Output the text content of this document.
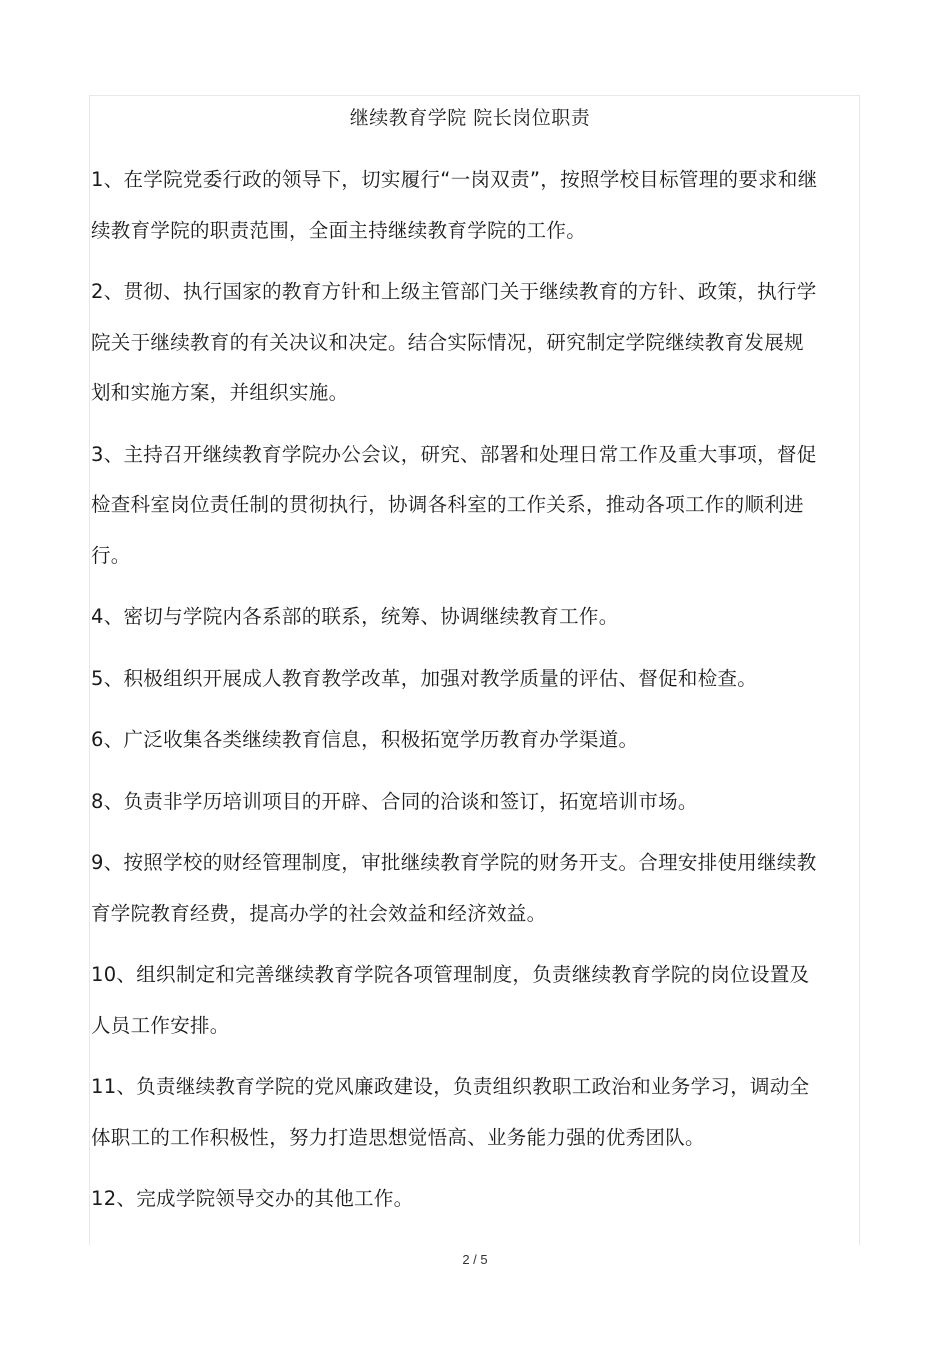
继续教育学院 院长岗位职责

1、在学院党委行政的领导下，切实履行“一岗双责”，按照学校目标管理的要求和继续教育学院的职责范围，全面主持继续教育学院的工作。

2、贯彻、执行国家的教育方针和上级主管部门关于继续教育的方针、政策，执行学院关于继续教育的有关决议和决定。结合实际情况，研究制定学院继续教育发展规划和实施方案，并组织实施。

3、主持召开继续教育学院办公会议，研究、部署和处理日常工作及重大事项，督促检查科室岗位责任制的贯彻执行，协调各科室的工作关系，推动各项工作的顺利进行。

4、密切与学院内各系部的联系，统筹、协调继续教育工作。

5、积极组织开展成人教育教学改革，加强对教学质量的评估、督促和检查。

6、广泛收集各类继续教育信息，积极拓宽学历教育办学渠道。

8、负责非学历培训项目的开辟、合同的洽谈和签订，拓宽培训市场。

9、按照学校的财经管理制度，审批继续教育学院的财务开支。合理安排使用继续教育学院教育经费，提高办学的社会效益和经济效益。

10、组织制定和完善继续教育学院各项管理制度，负责继续教育学院的岗位设置及人员工作安排。

11、负责继续教育学院的党风廉政建设，负责组织教职工政治和业务学习，调动全体职工的工作积极性，努力打造思想觉悟高、业务能力强的优秀团队。

12、完成学院领导交办的其他工作。

2 / 5
